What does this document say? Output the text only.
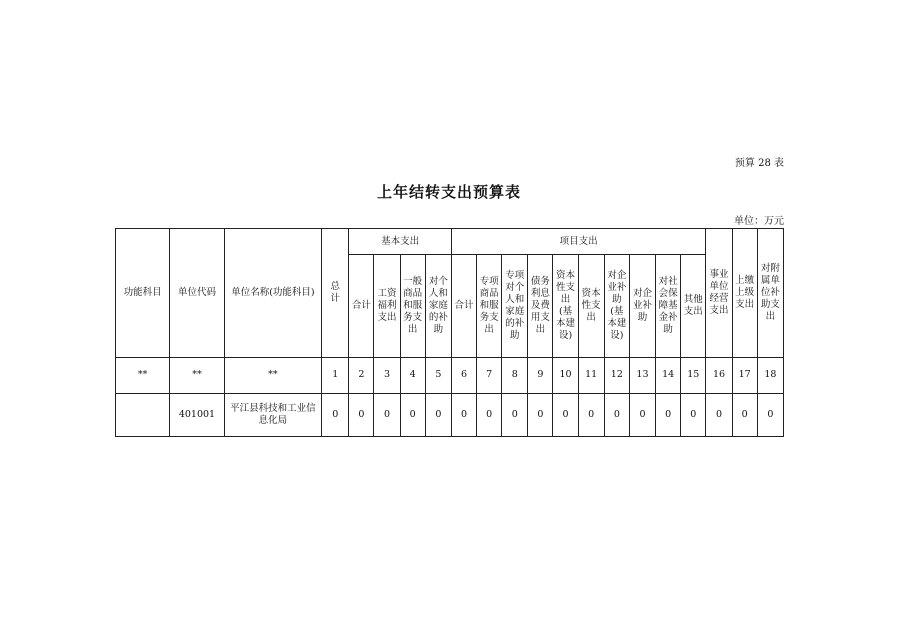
预算 28 表
上年结转支出预算表
单位：万元
功能科目	单位代码	单位名称(功能科目)	总计	基本支出				项目支出										事业单位经营支出	上缴上级支出	对附属单位补助支出
				合计	工资福利支出	一般商品和服务支出	对个人和家庭的补助	合计	专项商品和服务支出	专项对个人和家庭的补助	债务利息及费用支出	资本性支出(基本建设)	资本性支出	对企业补助(基本建设)	对企业补助	对社会保障基金补助	其他支出			
**	**	**	1	2	3	4	5	6	7	8	9	10	11	12	13	14	15	16	17	18
	401001	平江县科技和工业信息化局	0	0	0	0	0	0	0	0	0	0	0	0	0	0	0	0	0	0
